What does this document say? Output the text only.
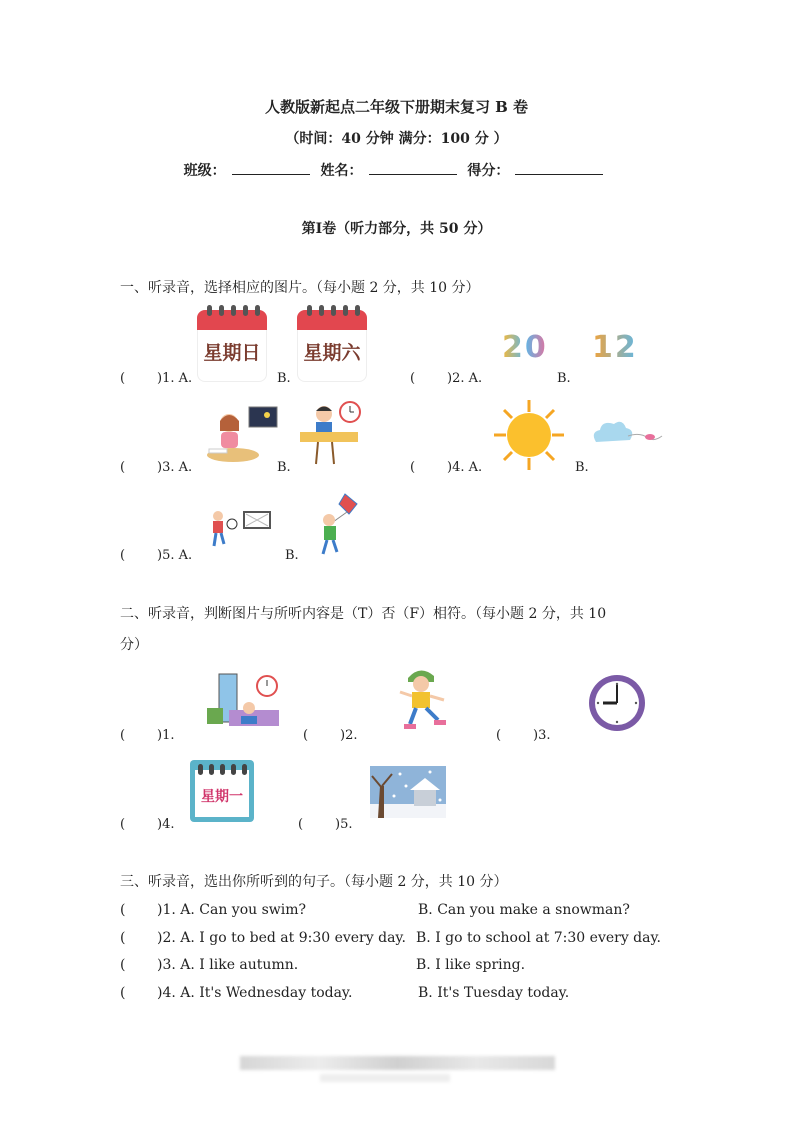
人教版新起点二年级下册期末复习 B 卷
（时间：40 分钟 满分：100 分 ）
班级：	姓名：	得分：
第Ⅰ卷（听力部分，共 50 分）
一、听录音，选择相应的图片。（每小题 2 分，共 10 分）
(	)1. A.
星期日
B.
星期六
(	)2. A.
20
B.
12
(	)3. A.	B.	(	)4. A.	B.
(	)5. A.	B.
二、听录音，判断图片与所听内容是（T）否（F）相符。（每小题 2 分，共 10
分）
(	)1.	(	)2.	(	)3.
(	)4.
星期一
(	)5.
三、听录音，选出你所听到的句子。（每小题 2 分，共 10 分）
(	)1. A. Can you swim?	B. Can you make a snowman?
(	)2. A. I go to bed at 9:30 every day. B. I go to school at 7:30 every day.
(	)3. A. I like autumn.	B. I like spring.
(	)4. A. It's Wednesday today.	B. It's Tuesday today.
